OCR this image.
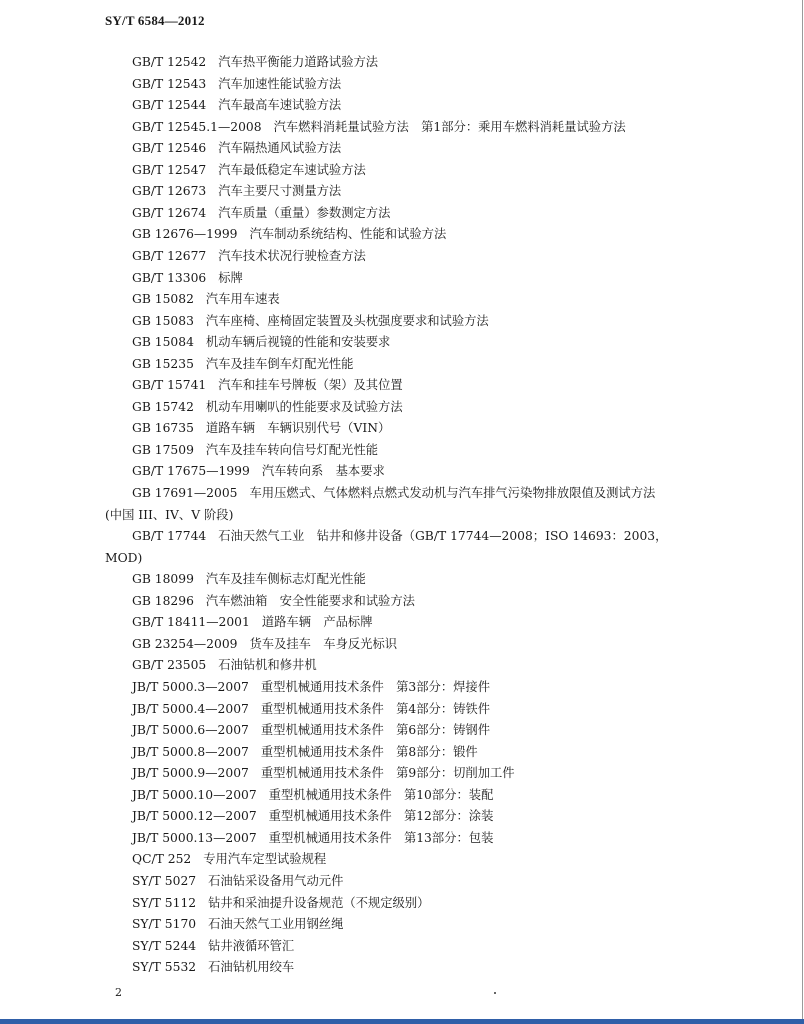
SY/T 6584—2012
GB/T 12542 汽车热平衡能力道路试验方法
GB/T 12543 汽车加速性能试验方法
GB/T 12544 汽车最高车速试验方法
GB/T 12545.1—2008 汽车燃料消耗量试验方法　第1部分：乘用车燃料消耗量试验方法
GB/T 12546 汽车隔热通风试验方法
GB/T 12547 汽车最低稳定车速试验方法
GB/T 12673 汽车主要尺寸测量方法
GB/T 12674 汽车质量（重量）参数测定方法
GB 12676—1999 汽车制动系统结构、性能和试验方法
GB/T 12677 汽车技术状况行驶检查方法
GB/T 13306 标牌
GB 15082 汽车用车速表
GB 15083 汽车座椅、座椅固定装置及头枕强度要求和试验方法
GB 15084 机动车辆后视镜的性能和安装要求
GB 15235 汽车及挂车倒车灯配光性能
GB/T 15741 汽车和挂车号牌板（架）及其位置
GB 15742 机动车用喇叭的性能要求及试验方法
GB 16735 道路车辆　车辆识别代号（VIN）
GB 17509 汽车及挂车转向信号灯配光性能
GB/T 17675—1999 汽车转向系　基本要求
GB 17691—2005 车用压燃式、气体燃料点燃式发动机与汽车排气污染物排放限值及测试方法
(中国 III、IV、V 阶段)
GB/T 17744 石油天然气工业　钻井和修井设备（GB/T 17744—2008；ISO 14693：2003，
MOD)
GB 18099 汽车及挂车侧标志灯配光性能
GB 18296 汽车燃油箱　安全性能要求和试验方法
GB/T 18411—2001 道路车辆　产品标牌
GB 23254—2009 货车及挂车　车身反光标识
GB/T 23505 石油钻机和修井机
JB/T 5000.3—2007 重型机械通用技术条件　第3部分：焊接件
JB/T 5000.4—2007 重型机械通用技术条件　第4部分：铸铁件
JB/T 5000.6—2007 重型机械通用技术条件　第6部分：铸钢件
JB/T 5000.8—2007 重型机械通用技术条件　第8部分：锻件
JB/T 5000.9—2007 重型机械通用技术条件　第9部分：切削加工件
JB/T 5000.10—2007 重型机械通用技术条件　第10部分：装配
JB/T 5000.12—2007 重型机械通用技术条件　第12部分：涂装
JB/T 5000.13—2007 重型机械通用技术条件　第13部分：包装
QC/T 252 专用汽车定型试验规程
SY/T 5027 石油钻采设备用气动元件
SY/T 5112 钻井和采油提升设备规范（不规定级别）
SY/T 5170 石油天然气工业用钢丝绳
SY/T 5244 钻井液循环管汇
SY/T 5532 石油钻机用绞车
2
